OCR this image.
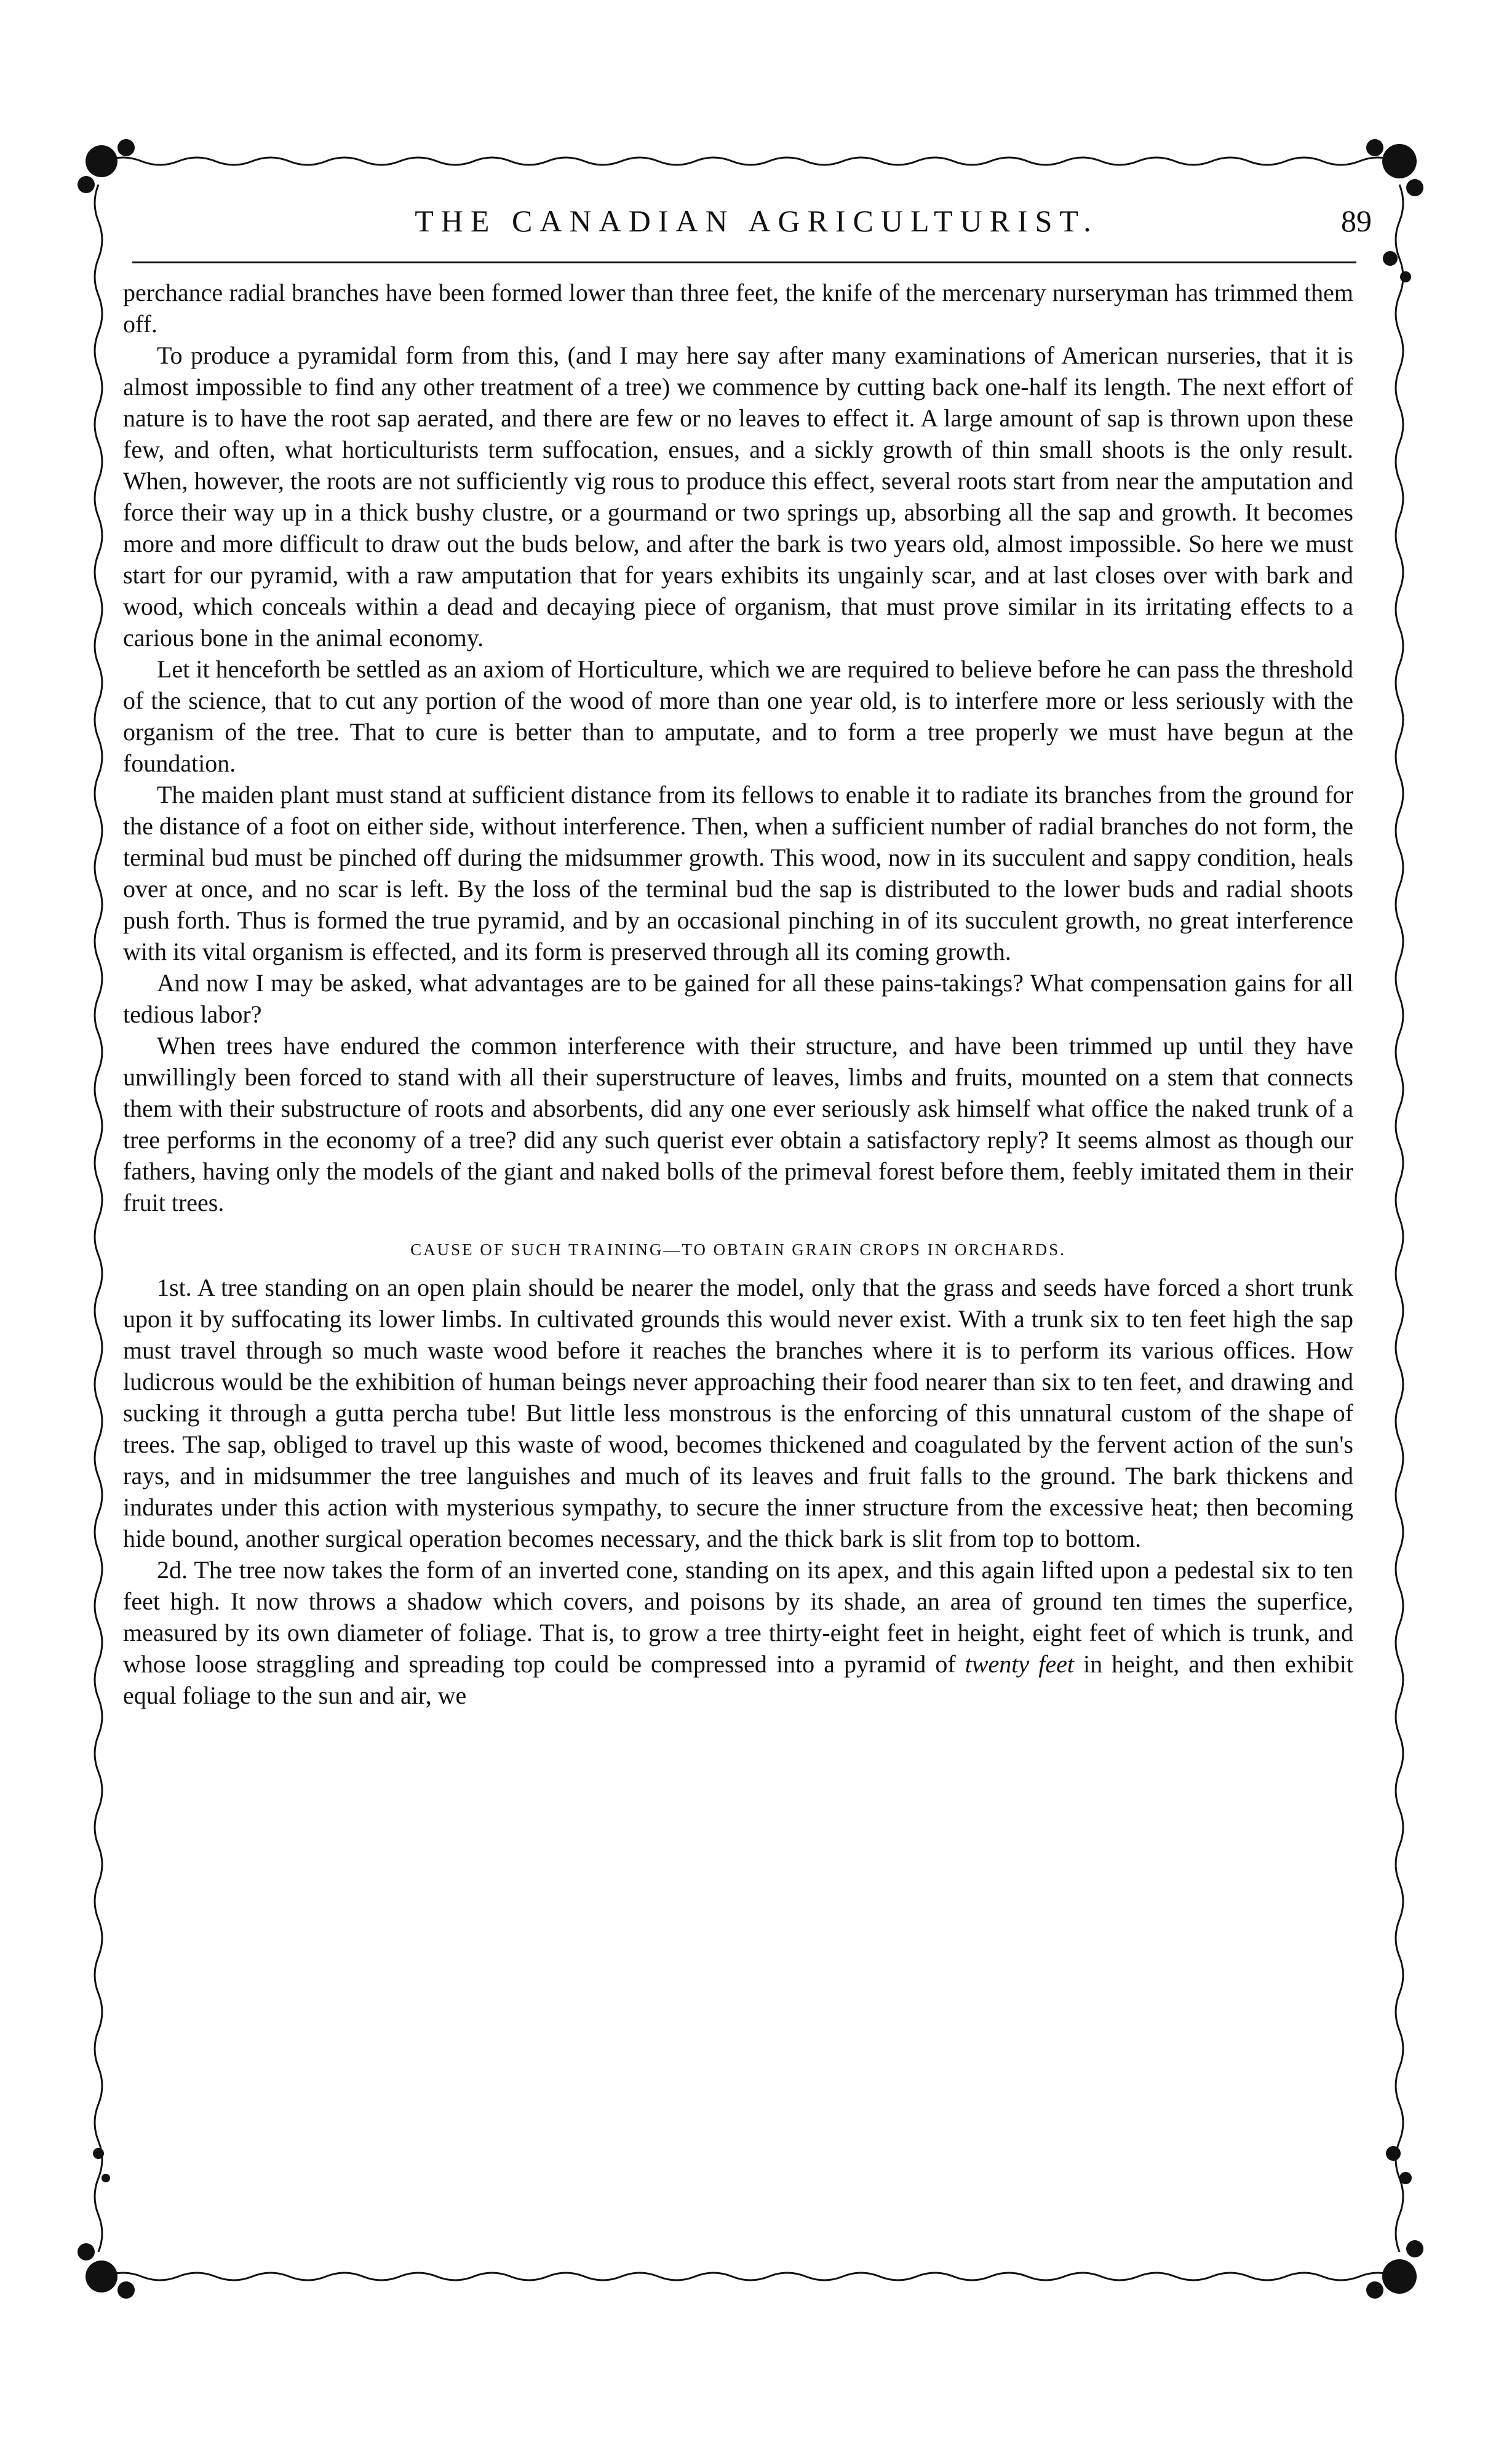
THE CANADIAN AGRICULTURIST.	89

perchance radial branches have been formed lower than three feet, the knife of the mercenary nurseryman has trimmed them off.

To produce a pyramidal form from this, (and I may here say after many examinations of American nurseries, that it is almost impossible to find any other treatment of a tree) we commence by cutting back one-half its length. The next effort of nature is to have the root sap aerated, and there are few or no leaves to effect it. A large amount of sap is thrown upon these few, and often, what horticulturists term suffocation, ensues, and a sickly growth of thin small shoots is the only result. When, however, the roots are not sufficiently vig rous to produce this effect, several roots start from near the amputation and force their way up in a thick bushy clustre, or a gourmand or two springs up, absorbing all the sap and growth. It becomes more and more difficult to draw out the buds below, and after the bark is two years old, almost impossible. So here we must start for our pyramid, with a raw amputation that for years exhibits its ungainly scar, and at last closes over with bark and wood, which conceals within a dead and decaying piece of organism, that must prove similar in its irritating effects to a carious bone in the animal economy.

Let it henceforth be settled as an axiom of Horticulture, which we are required to believe before he can pass the threshold of the science, that to cut any portion of the wood of more than one year old, is to interfere more or less seriously with the organism of the tree. That to cure is better than to amputate, and to form a tree properly we must have begun at the foundation.

The maiden plant must stand at sufficient distance from its fellows to enable it to radiate its branches from the ground for the distance of a foot on either side, without interference. Then, when a sufficient number of radial branches do not form, the terminal bud must be pinched off during the midsummer growth. This wood, now in its succulent and sappy condition, heals over at once, and no scar is left. By the loss of the terminal bud the sap is distributed to the lower buds and radial shoots push forth. Thus is formed the true pyramid, and by an occasional pinching in of its succulent growth, no great interference with its vital organism is effected, and its form is preserved through all its coming growth.

And now I may be asked, what advantages are to be gained for all these pains-takings? What compensation gains for all tedious labor?

When trees have endured the common interference with their structure, and have been trimmed up until they have unwillingly been forced to stand with all their superstructure of leaves, limbs and fruits, mounted on a stem that connects them with their substructure of roots and absorbents, did any one ever seriously ask himself what office the naked trunk of a tree performs in the economy of a tree? did any such querist ever obtain a satisfactory reply? It seems almost as though our fathers, having only the models of the giant and naked bolls of the primeval forest before them, feebly imitated them in their fruit trees.

CAUSE OF SUCH TRAINING—TO OBTAIN GRAIN CROPS IN ORCHARDS.

1st. A tree standing on an open plain should be nearer the model, only that the grass and seeds have forced a short trunk upon it by suffocating its lower limbs. In cultivated grounds this would never exist. With a trunk six to ten feet high the sap must travel through so much waste wood before it reaches the branches where it is to perform its various offices. How ludicrous would be the exhibition of human beings never approaching their food nearer than six to ten feet, and drawing and sucking it through a gutta percha tube! But little less monstrous is the enforcing of this unnatural custom of the shape of trees. The sap, obliged to travel up this waste of wood, becomes thickened and coagulated by the fervent action of the sun's rays, and in midsummer the tree languishes and much of its leaves and fruit falls to the ground. The bark thickens and indurates under this action with mysterious sympathy, to secure the inner structure from the excessive heat; then becoming hide bound, another surgical operation becomes necessary, and the thick bark is slit from top to bottom.

2d. The tree now takes the form of an inverted cone, standing on its apex, and this again lifted upon a pedestal six to ten feet high. It now throws a shadow which covers, and poisons by its shade, an area of ground ten times the superfice, measured by its own diameter of foliage. That is, to grow a tree thirty-eight feet in height, eight feet of which is trunk, and whose loose straggling and spreading top could be compressed into a pyramid of twenty feet in height, and then exhibit equal foliage to the sun and air, we
